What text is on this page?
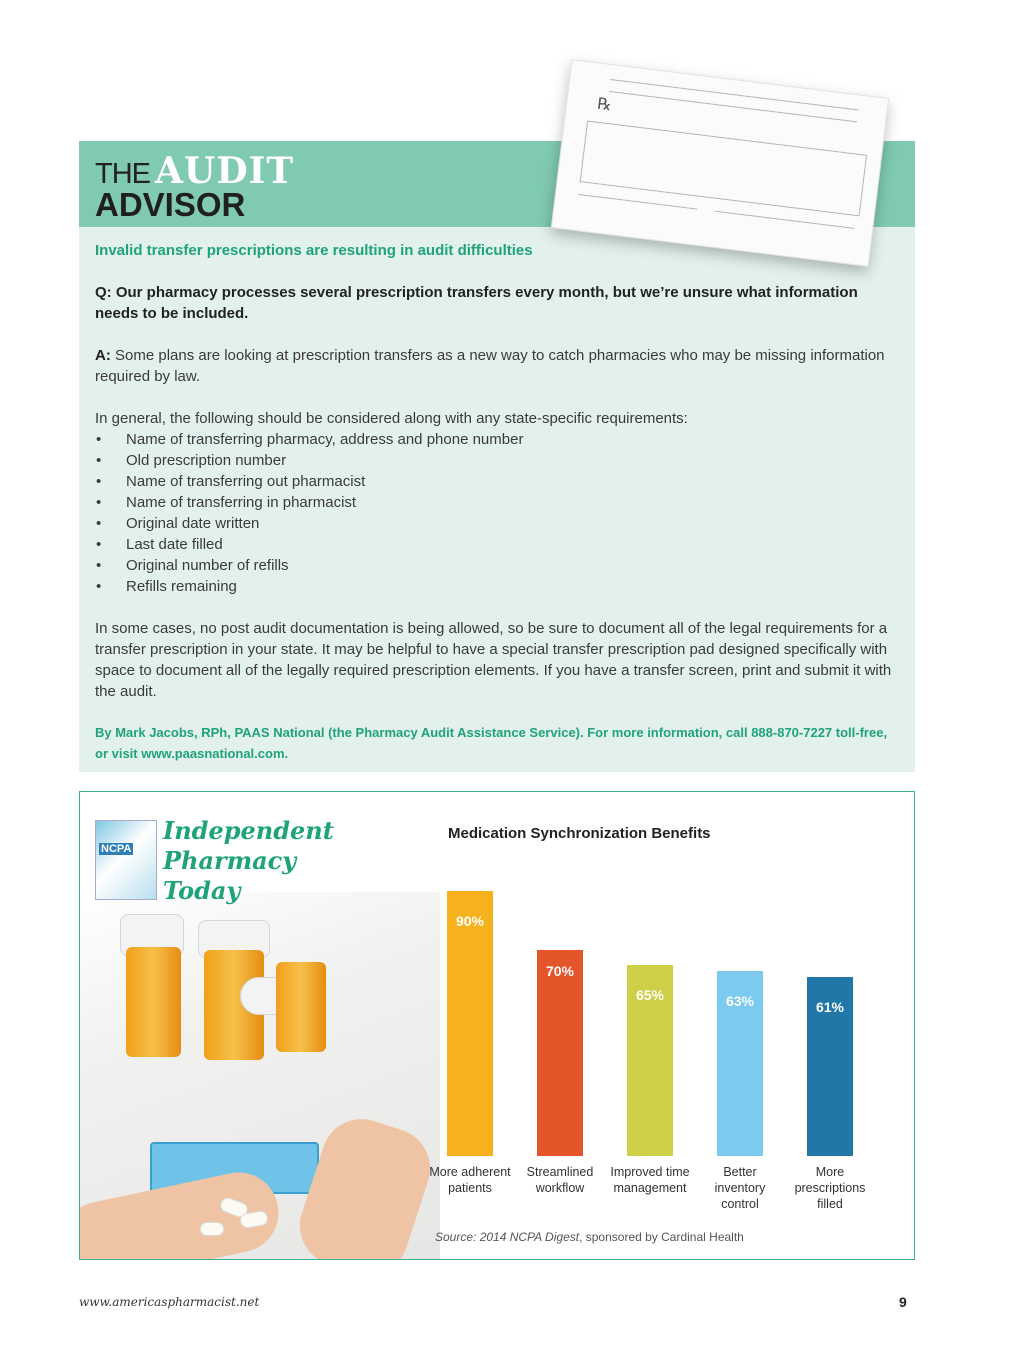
℞
THE AUDIT
ADVISOR
Invalid transfer prescriptions are resulting in audit difficulties
Q: Our pharmacy processes several prescription transfers every month, but we’re unsure what information needs to be included.
A: Some plans are looking at prescription transfers as a new way to catch pharmacies who may be missing information required by law.
In general, the following should be considered along with any state-specific requirements:
• Name of transferring pharmacy, address and phone number
• Old prescription number
• Name of transferring out pharmacist
• Name of transferring in pharmacist
• Original date written
• Last date filled
• Original number of refills
• Refills remaining
In some cases, no post audit documentation is being allowed, so be sure to document all of the legal requirements for a transfer prescription in your state. It may be helpful to have a special transfer prescription pad designed specifically with space to document all of the legally required prescription elements. If you have a transfer screen, print and submit it with the audit.
By Mark Jacobs, RPh, PAAS National (the Pharmacy Audit Assistance Service). For more information, call 888-870-7227 toll-free, or visit www.paasnational.com.
NCPA
Independent
Pharmacy
Today
Medication Synchronization Benefits
90%
More adherent
patients
70%
Streamlined
workflow
65%
Improved time
management
63%
Better
inventory
control
61%
More
prescriptions
filled
Source: 2014 NCPA Digest, sponsored by Cardinal Health
www.americaspharmacist.net	9
